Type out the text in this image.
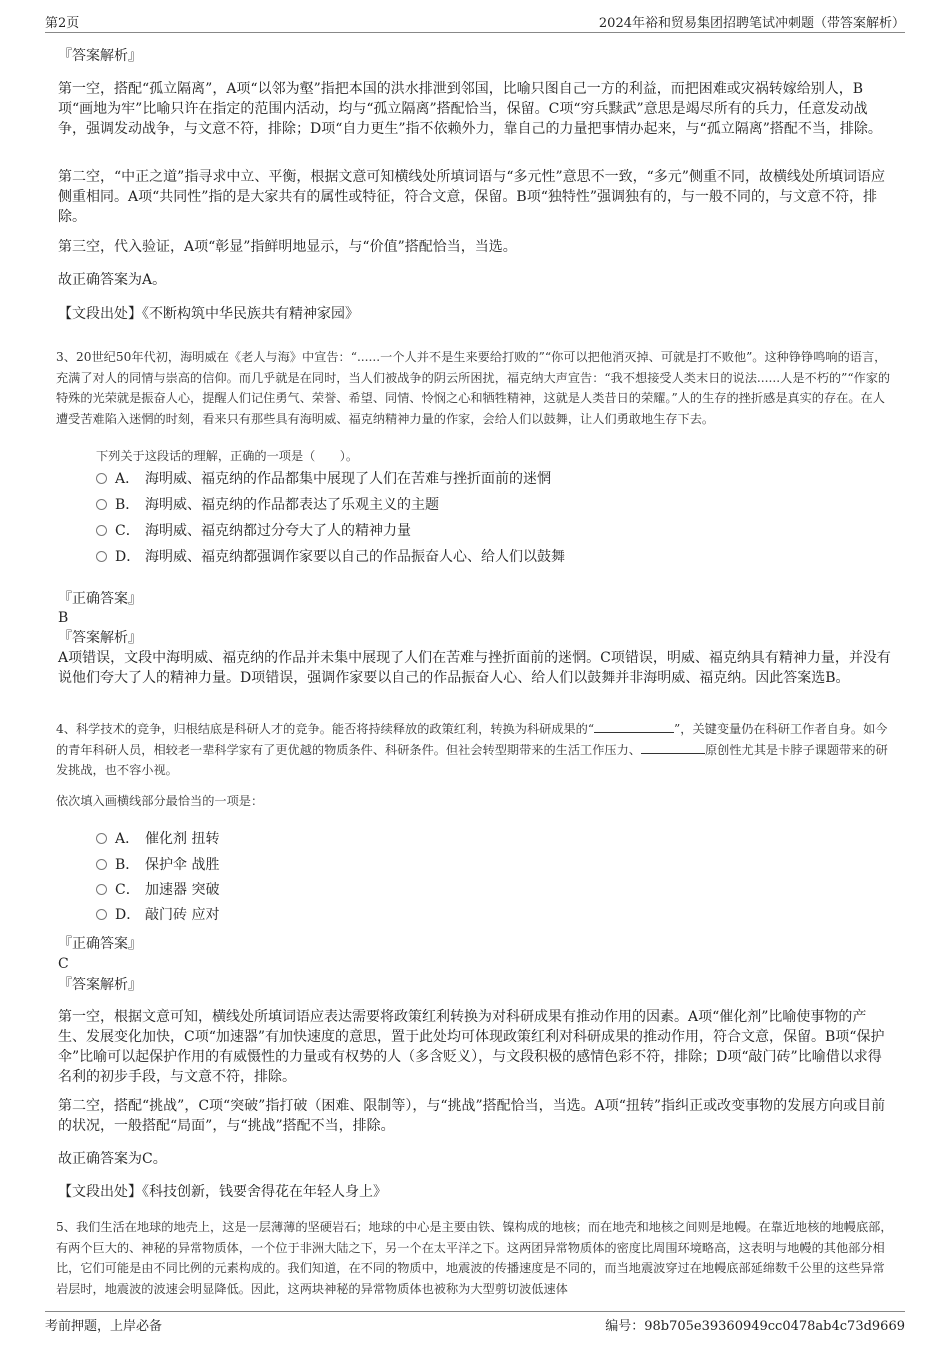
第2页	2024年裕和贸易集团招聘笔试冲刺题（带答案解析）
『答案解析』

第一空，搭配“孤立隔离”，A项“以邻为壑”指把本国的洪水排泄到邻国，比喻只图自己一方的利益，而把困难或灾祸转嫁给别人，B项“画地为牢”比喻只许在指定的范围内活动，均与“孤立隔离”搭配恰当，保留。C项“穷兵黩武”意思是竭尽所有的兵力，任意发动战争，强调发动战争，与文意不符，排除；D项“自力更生”指不依赖外力，靠自己的力量把事情办起来，与“孤立隔离”搭配不当，排除。

第二空，“中正之道”指寻求中立、平衡，根据文意可知横线处所填词语与“多元性”意思不一致，“多元”侧重不同，故横线处所填词语应侧重相同。A项“共同性”指的是大家共有的属性或特征，符合文意，保留。B项“独特性”强调独有的，与一般不同的，与文意不符，排除。

第三空，代入验证，A项“彰显”指鲜明地显示，与“价值”搭配恰当，当选。
故正确答案为A。
【文段出处】《不断构筑中华民族共有精神家园》

3、20世纪50年代初，海明威在《老人与海》中宣告：“......一个人并不是生来要给打败的”“你可以把他消灭掉、可就是打不败他”。这种铮铮鸣响的语言，充满了对人的同情与崇高的信仰。而几乎就是在同时，当人们被战争的阴云所困扰，福克纳大声宣告：“我不想接受人类末日的说法......人是不朽的”“作家的特殊的光荣就是振奋人心，提醒人们记住勇气、荣誉、希望、同情、怜悯之心和牺牲精神，这就是人类昔日的荣耀。”人的生存的挫折感是真实的存在。在人遭受苦难陷入迷惘的时刻，看来只有那些具有海明威、福克纳精神力量的作家，会给人们以鼓舞，让人们勇敢地生存下去。

下列关于这段话的理解，正确的一项是（　　）。
A． 海明威、福克纳的作品都集中展现了人们在苦难与挫折面前的迷惘
B． 海明威、福克纳的作品都表达了乐观主义的主题
C． 海明威、福克纳都过分夸大了人的精神力量
D． 海明威、福克纳都强调作家要以自己的作品振奋人心、给人们以鼓舞
『正确答案』
B
『答案解析』

A项错误，文段中海明威、福克纳的作品并未集中展现了人们在苦难与挫折面前的迷惘。C项错误，明威、福克纳具有精神力量，并没有说他们夸大了人的精神力量。D项错误，强调作家要以自己的作品振奋人心、给人们以鼓舞并非海明威、福克纳。因此答案选B。

4、科学技术的竞争，归根结底是科研人才的竞争。能否将持续释放的政策红利，转换为科研成果的“	”，关键变量仍在科研工作者自身。如今的青年科研人员，相较老一辈科学家有了更优越的物质条件、科研条件。但社会转型期带来的生活工作压力、	原创性尤其是卡脖子课题带来的研发挑战，也不容小视。

依次填入画横线部分最恰当的一项是：
A． 催化剂 扭转
B． 保护伞 战胜
C． 加速器 突破
D． 敲门砖 应对
『正确答案』
C
『答案解析』

第一空，根据文意可知，横线处所填词语应表达需要将政策红利转换为对科研成果有推动作用的因素。A项“催化剂”比喻使事物的产生、发展变化加快，C项“加速器”有加快速度的意思，置于此处均可体现政策红利对科研成果的推动作用，符合文意，保留。B项“保护伞”比喻可以起保护作用的有威慑性的力量或有权势的人（多含贬义），与文段积极的感情色彩不符，排除；D项“敲门砖”比喻借以求得名利的初步手段，与文意不符，排除。

第二空，搭配“挑战”，C项“突破”指打破（困难、限制等），与“挑战”搭配恰当，当选。A项“扭转”指纠正或改变事物的发展方向或目前的状况，一般搭配“局面”，与“挑战”搭配不当，排除。

故正确答案为C。
【文段出处】《科技创新，钱要舍得花在年轻人身上》

5、我们生活在地球的地壳上，这是一层薄薄的坚硬岩石；地球的中心是主要由铁、镍构成的地核；而在地壳和地核之间则是地幔。在靠近地核的地幔底部，有两个巨大的、神秘的异常物质体，一个位于非洲大陆之下，另一个在太平洋之下。这两团异常物质体的密度比周围环境略高，这表明与地幔的其他部分相比，它们可能是由不同比例的元素构成的。我们知道，在不同的物质中，地震波的传播速度是不同的，而当地震波穿过在地幔底部延绵数千公里的这些异常岩层时，地震波的波速会明显降低。因此，这两块神秘的异常物质体也被称为大型剪切波低速体

考前押题，上岸必备	编号：98b705e39360949cc0478ab4c73d9669
